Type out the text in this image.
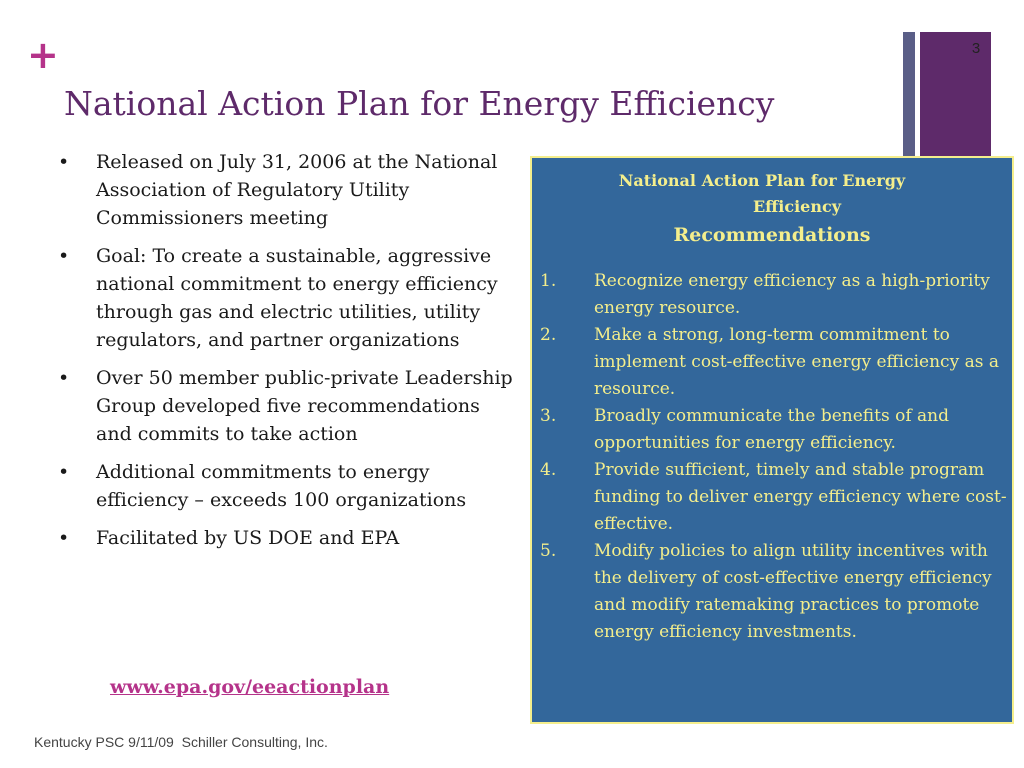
+
National Action Plan for Energy Efficiency
3
•	Released on July 31, 2006 at the National Association of Regulatory Utility Commissioners meeting
•	Goal: To create a sustainable, aggressive national commitment to energy efficiency through gas and electric utilities, utility regulators, and partner organizations
•	Over 50 member public-private Leadership Group developed five recommendations and commits to take action
•	Additional commitments to energy efficiency – exceeds 100 organizations
•	Facilitated by US DOE and EPA
www.epa.gov/eeactionplan
National Action Plan for Energy
Efficiency
Recommendations
1. Recognize energy efficiency as a high-priority energy resource.
2. Make a strong, long-term commitment to implement cost-effective energy efficiency as a resource.
3. Broadly communicate the benefits of and opportunities for energy efficiency.
4. Provide sufficient, timely and stable program funding to deliver energy efficiency where cost-effective.
5. Modify policies to align utility incentives with the delivery of cost-effective energy efficiency and modify ratemaking practices to promote energy efficiency investments.
Kentucky PSC 9/11/09  Schiller Consulting, Inc.
